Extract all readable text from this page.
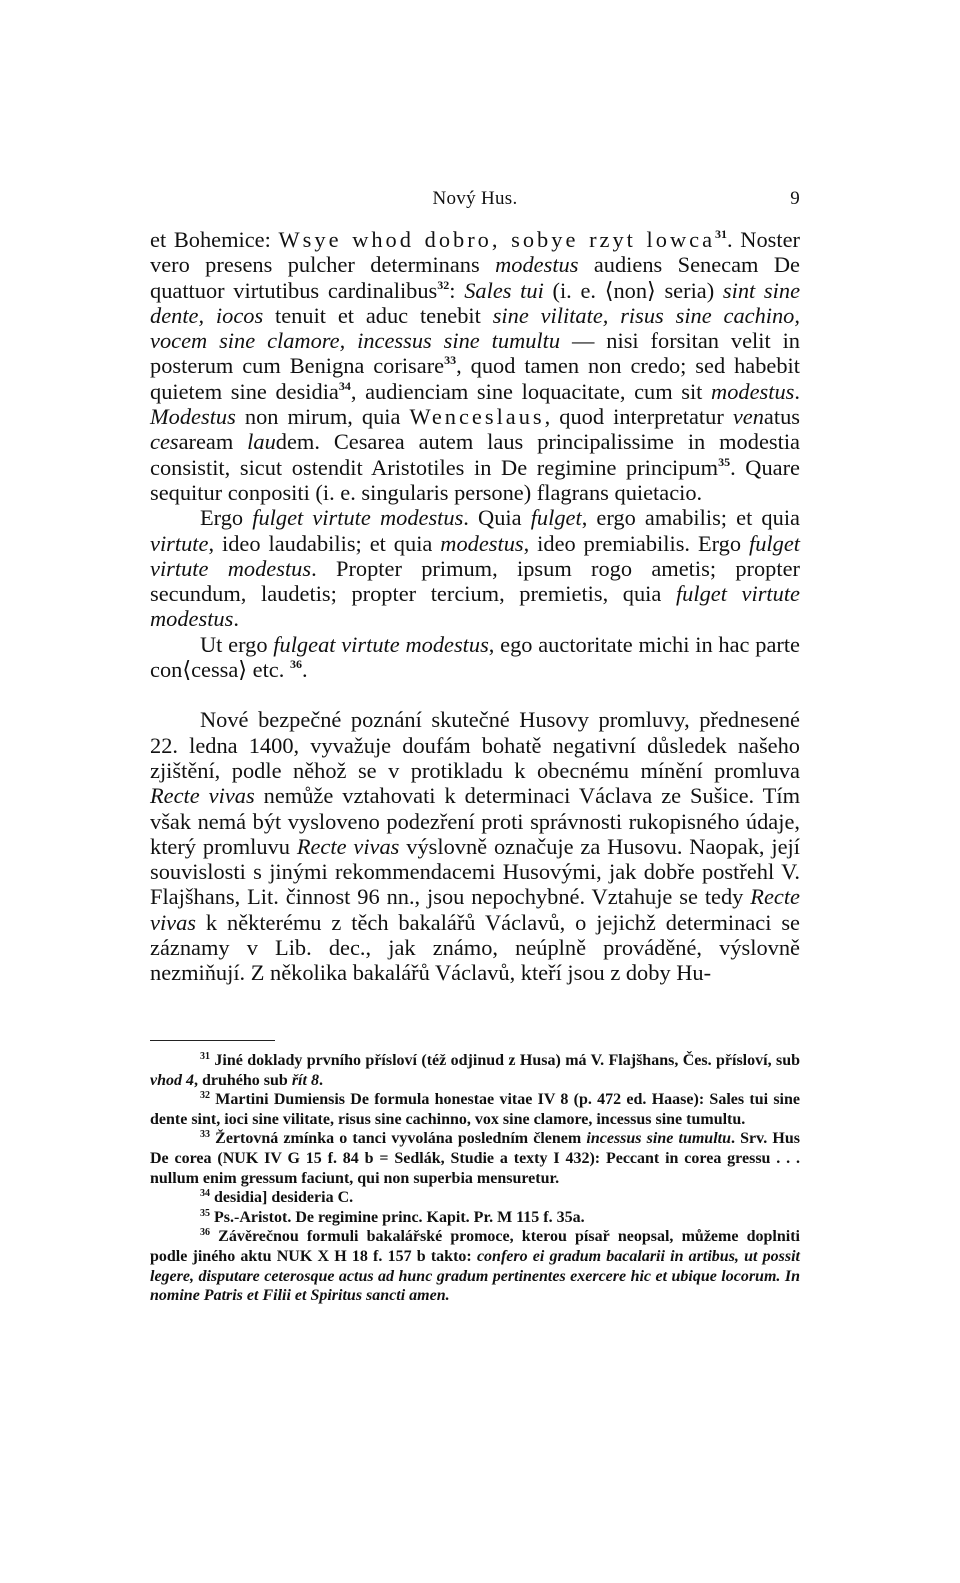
Nový Hus.	9

et Bohemice: Wsye whod dobro, sobye rzyt lowca$^{31}$. Noster vero presens pulcher determinans modestus audiens Senecam De quattuor virtutibus cardinalibus$^{32}$: Sales tui (i. e. ⟨non⟩ seria) sint sine dente, iocos tenuit et aduc tenebit sine vilitate, risus sine cachino, vocem sine clamore, incessus sine tumultu — nisi forsitan velit in posterum cum Benigna corisare$^{33}$, quod tamen non credo; sed habebit quietem sine desidia$^{34}$, audienciam sine loquacitate, cum sit modestus. Modestus non mirum, quia Wenceslaus, quod interpretatur venatus cesaream laudem. Cesarea autem laus principalissime in modestia consistit, sicut ostendit Aristotiles in De regimine principum$^{35}$. Quare sequitur conpositi (i. e. singularis persone) flagrans quietacio.

Ergo fulget virtute modestus. Quia fulget, ergo amabilis; et quia virtute, ideo laudabilis; et quia modestus, ideo premiabilis. Ergo fulget virtute modestus. Propter primum, ipsum rogo ametis; propter secundum, laudetis; propter tercium, premietis, quia fulget virtute modestus.

Ut ergo fulgeat virtute modestus, ego auctoritate michi in hac parte con⟨cessa⟩ etc. $^{36}$.

Nové bezpečné poznání skutečné Husovy promluvy, přednesené 22. ledna 1400, vyvažuje doufám bohatě negativní důsledek našeho zjištění, podle něhož se v protikladu k obecnému mínění promluva Recte vivas nemůže vztahovati k determinaci Václava ze Sušice. Tím však nemá být vysloveno podezření proti správnosti rukopisného údaje, který promluvu Recte vivas výslovně označuje za Husovu. Naopak, její souvislosti s jinými rekommendacemi Husovými, jak dobře postřehl V. Flajšhans, Lit. činnost 96 nn., jsou nepochybné. Vztahuje se tedy Recte vivas k některému z těch bakalářů Václavů, o jejichž determinaci se záznamy v Lib. dec., jak známo, neúplně prováděné, výslovně nezmiňují. Z několika bakalářů Václavů, kteří jsou z doby Hu-

$^{31}$ Jiné doklady prvního přísloví (též odjinud z Husa) má V. Flajšhans, Čes. přísloví, sub vhod 4, druhého sub řít 8.

$^{32}$ Martini Dumiensis De formula honestae vitae IV 8 (p. 472 ed. Haase): Sales tui sine dente sint, ioci sine vilitate, risus sine cachinno, vox sine clamore, incessus sine tumultu.

$^{33}$ Žertovná zmínka o tanci vyvolána posledním členem incessus sine tumultu. Srv. Hus De corea (NUK IV G 15 f. 84 b = Sedlák, Studie a texty I 432): Peccant in corea gressu . . . nullum enim gressum faciunt, qui non superbia mensuretur.

$^{34}$ desidia] desideria C.

$^{35}$ Ps.-Aristot. De regimine princ. Kapit. Pr. M 115 f. 35a.

$^{36}$ Závěrečnou formuli bakalářské promoce, kterou písař neopsal, můžeme doplniti podle jiného aktu NUK X H 18 f. 157 b takto: confero ei gradum bacalarii in artibus, ut possit legere, disputare ceterosque actus ad hunc gradum pertinentes exercere hic et ubique locorum. In nomine Patris et Filii et Spiritus sancti amen.
